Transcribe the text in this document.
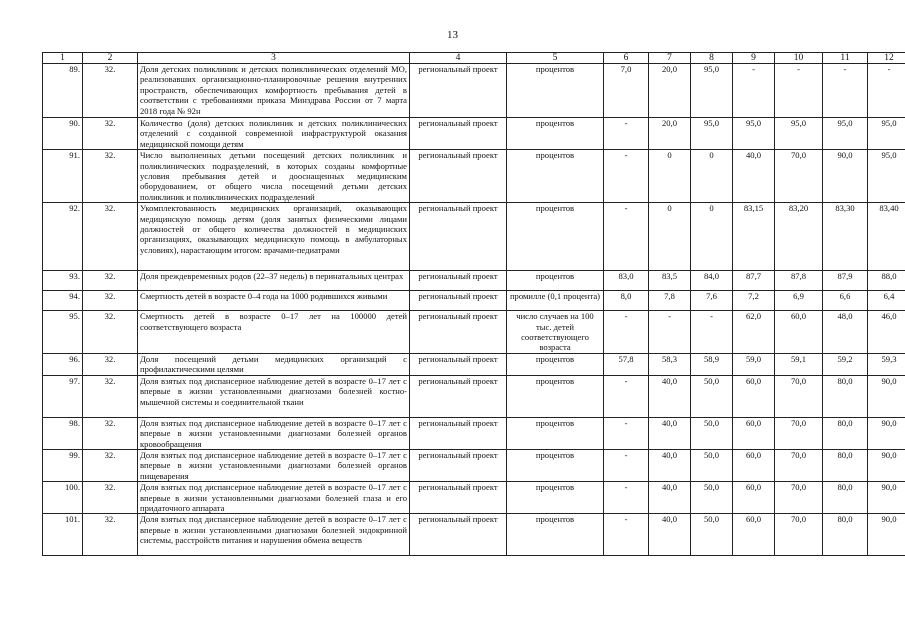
13
1	2	3	4	5	6	7	8	9	10	11	12
89.	32.	Доля детских поликлиник и детских поликлинических отделений МО, реализовавших организационно-планировочные решения внутренних пространств, обеспечивающих комфортность пребывания детей в соответствии с требованиями приказа Минздрава России от 7 марта 2018 года № 92н	региональный проект	процентов	7,0	20,0	95,0	-	-	-	-
90.	32.	Количество (доля) детских поликлиник и детских поликлинических отделений с созданной современной инфраструктурой оказания медицинской помощи детям	региональный проект	процентов	-	20,0	95,0	95,0	95,0	95,0	95,0
91.	32.	Число выполненных детьми посещений детских поликлиник и поликлинических подразделений, в которых созданы комфортные условия пребывания детей и дооснащенных медицинским оборудованием, от общего числа посещений детьми детских поликлиник и поликлинических подразделений	региональный проект	процентов	-	0	0	40,0	70,0	90,0	95,0
92.	32.	Укомплектованность медицинских организаций, оказывающих медицинскую помощь детям (доля занятых физическими лицами должностей от общего количества должностей в медицинских организациях, оказывающих медицинскую помощь в амбулаторных условиях), нарастающим итогом: врачами-педиатрами	региональный проект	процентов	-	0	0	83,15	83,20	83,30	83,40
93.	32.	Доля преждевременных родов (22–37 недель) в перинатальных центрах	региональный проект	процентов	83,0	83,5	84,0	87,7	87,8	87,9	88,0
94.	32.	Смертность детей в возрасте 0–4 года на 1000 родившихся живыми	региональный проект	промилле (0,1 процента)	8,0	7,8	7,6	7,2	6,9	6,6	6,4
95.	32.	Смертность детей в возрасте 0–17 лет на 100000 детей соответствующего возраста	региональный проект	число случаев на 100 тыс. детей соответствующего возраста	-	-	-	62,0	60,0	48,0	46,0
96.	32.	Доля посещений детьми медицинских организаций с профилактическими целями	региональный проект	процентов	57,8	58,3	58,9	59,0	59,1	59,2	59,3
97.	32.	Доля взятых под диспансерное наблюдение детей в возрасте 0–17 лет с впервые в жизни установленными диагнозами болезней костно-мышечной системы и соединительной ткани	региональный проект	процентов	-	40,0	50,0	60,0	70,0	80,0	90,0
98.	32.	Доля взятых под диспансерное наблюдение детей в возрасте 0–17 лет с впервые в жизни установленными диагнозами болезней органов кровообращения	региональный проект	процентов	-	40,0	50,0	60,0	70,0	80,0	90,0
99.	32.	Доля взятых под диспансерное наблюдение детей в возрасте 0–17 лет с впервые в жизни установленными диагнозами болезней органов пищеварения	региональный проект	процентов	-	40,0	50,0	60,0	70,0	80,0	90,0
100.	32.	Доля взятых под диспансерное наблюдение детей в возрасте 0–17 лет с впервые в жизни установленными диагнозами болезней глаза и его придаточного аппарата	региональный проект	процентов	-	40,0	50,0	60,0	70,0	80,0	90,0
101.	32.	Доля взятых под диспансерное наблюдение детей в возрасте 0–17 лет с впервые в жизни установленными диагнозами болезней эндокринной системы, расстройств питания и нарушения обмена веществ	региональный проект	процентов	-	40,0	50,0	60,0	70,0	80,0	90,0
